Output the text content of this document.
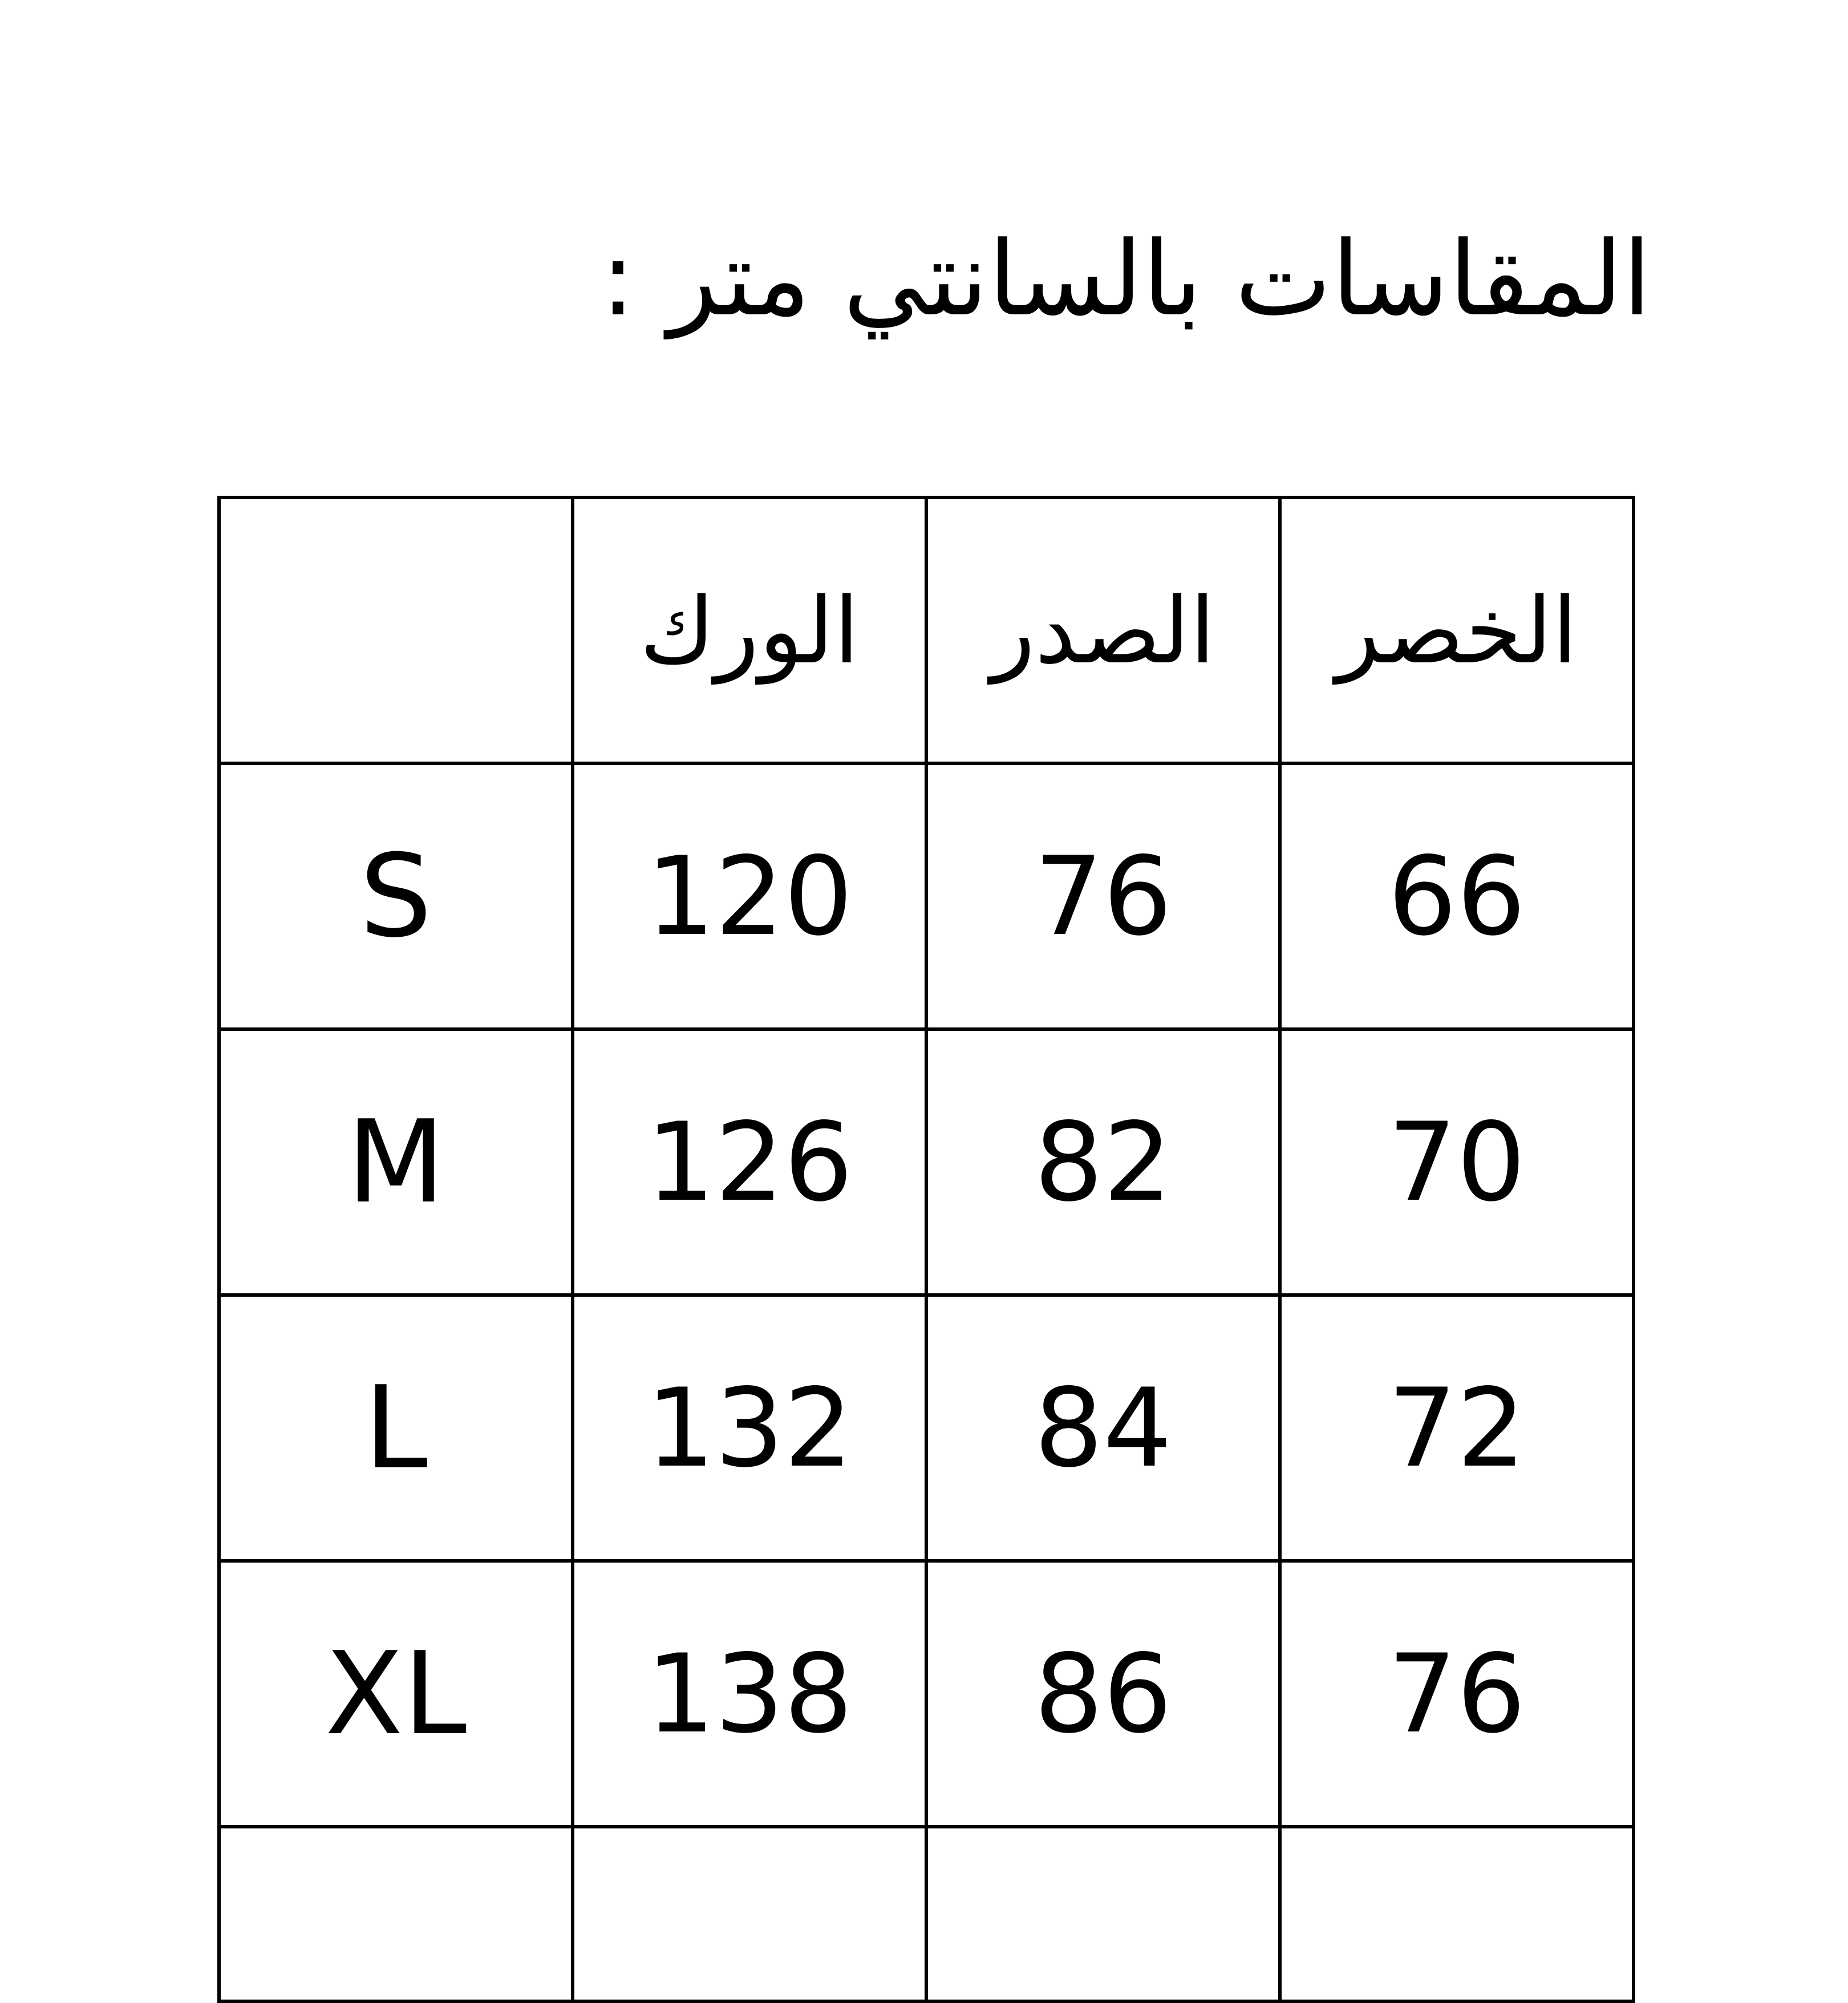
المقاسات بالسانتي متر :
	الورك	الصدر	الخصر
S	120	76	66
M	126	82	70
L	132	84	72
XL	138	86	76
